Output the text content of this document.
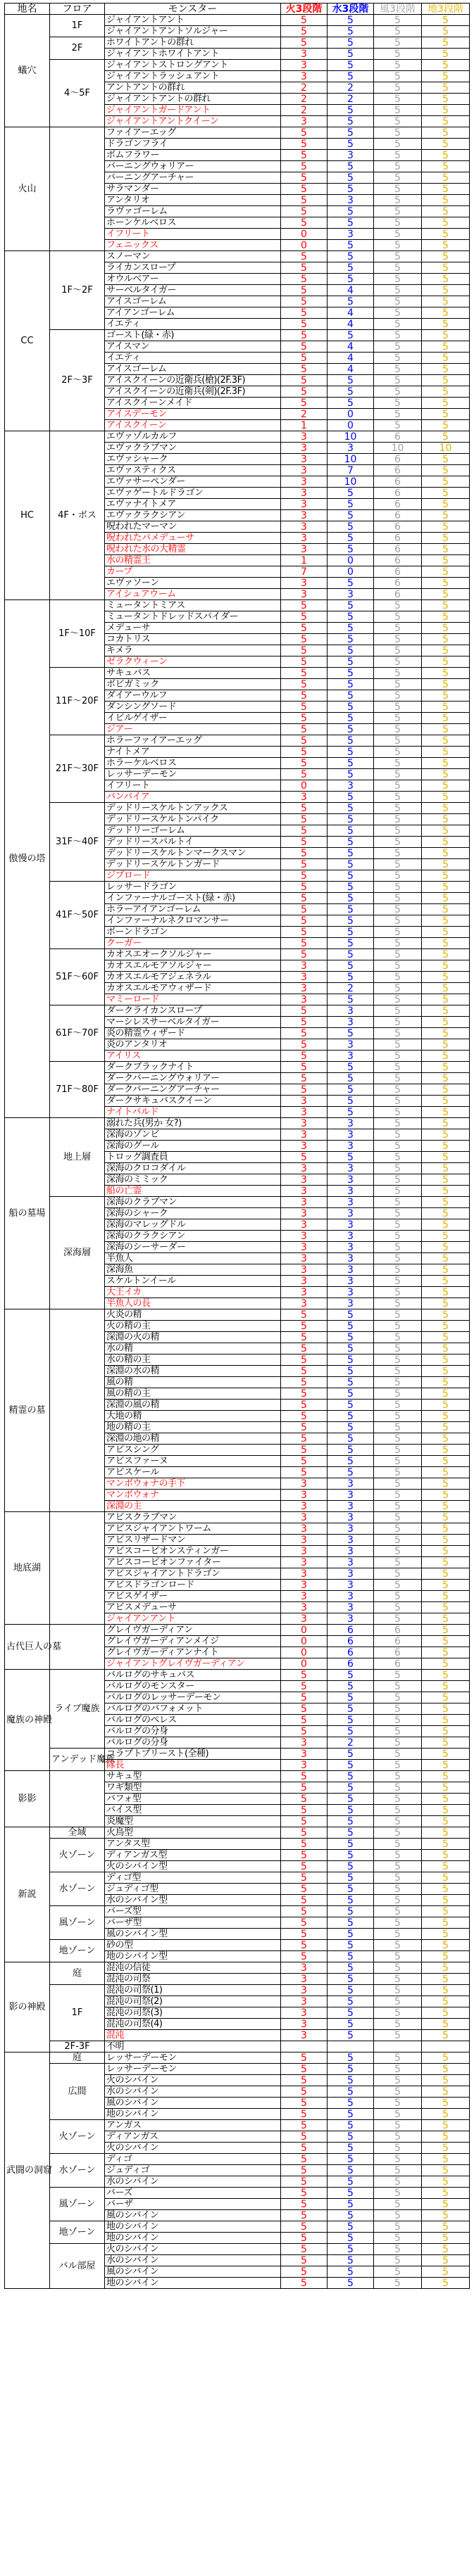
地名	フロア	モンスター	火3段階	水3段階	風3段階	地3段階
蟻穴	1F	ジャイアントアント	5	5	5	5
		ジャイアントアントソルジャー	5	5	5	5
	2F	ホワイトアントの群れ	5	5	5	5
		ジャイアントホワイトアント	3	5	5	5
	4〜5F	ジャイアントストロングアント	3	5	5	5
		ジャイアントラッシュアント	3	5	5	5
		アントアントの群れ	2	2	5	5
		ジャイアントアントの群れ	2	2	5	5
		ジャイアントガードアント	2	5	5	5
		ジャイアントアントクイーン	3	5	5	5
火山		ファイアーエッグ	5	5	5	5
		ドラゴンフライ	5	5	5	5
		ボムフラワー	5	3	5	5
		バーニングウォリアー	5	5	5	5
		バーニングアーチャー	5	5	5	5
		サラマンダー	5	5	5	5
		アンタリオ	5	3	5	5
		ラヴァゴーレム	5	5	5	5
		ホーンケルベロス	5	5	5	5
		イフリート	0	3	5	5
		フェニックス	0	5	5	5
CC	1F〜2F	スノーマン	5	5	5	5
		ライカンスロープ	5	5	5	5
		オウルベアー	5	5	5	5
		サーベルタイガー	5	4	5	5
		アイスゴーレム	5	5	5	5
		アイアンゴーレム	5	4	5	5
		イエティ	5	4	5	5
	2F〜3F	ゴースト(緑・赤)	5	5	5	5
		アイスマン	5	4	5	5
		イエティ	5	4	5	5
		アイスゴーレム	5	4	5	5
		アイスクイーンの近衛兵(槍)(2F.3F)	5	5	5	5
		アイスクイーンの近衛兵(剣)(2F.3F)	5	5	5	5
		アイスクイーンメイド	5	5	5	5
		アイスデーモン	2	0	5	5
		アイスクイーン	1	0	5	5
HC	4F・ボス	エヴァゾルカルフ	3	10	6	5
		エヴァクラブマン	3	3	10	10
		エヴァシャーク	3	10	6	5
		エヴァスティクス	3	7	6	5
		エヴァサーペンダー	3	10	6	5
		エヴァゲートルドラゴン	3	5	6	5
		エヴァナイトメア	3	5	6	5
		エヴァクラクシアン	3	5	6	5
		呪われたマーマン	3	5	6	5
		呪われたパメデューサ	3	5	6	5
		呪われた水の大精霊	3	5	6	5
		水の精霊王	1	0	6	5
		カープ	7	0	6	5
		エヴァソーン	3	5	6	5
		アイシュアウーム	3	3	6	5
傲慢の塔	1F〜10F	ミュータントミアス	5	5	5	5
		ミュータントドレッドスパイダー	5	5	5	5
		メデューサ	5	5	5	5
		コカトリス	5	5	5	5
		キメラ	5	5	5	5
		ゼラクウィーン	5	5	5	5
	11F〜20F	サキュバス	5	5	5	5
		ボビガミック	5	5	5	5
		ダイアーウルフ	5	5	5	5
		ダンシングソード	5	5	5	5
		イビルゲイザー	5	5	5	5
		ジアー	5	5	5	5
	21F〜30F	ホラーファイアーエッグ	5	5	5	5
		ナイトメア	5	5	5	5
		ホラーケルベロス	5	5	5	5
		レッサーデーモン	5	5	5	5
		イフリート	0	3	5	5
		バンパイア	3	5	5	5
	31F〜40F	デッドリースケルトンアックス	5	5	5	5
		デッドリースケルトンパイク	5	5	5	5
		デッドリーゴーレム	5	5	5	5
		デッドリースパルトイ	5	5	5	5
		デッドリースケルトンマークスマン	5	5	5	5
		デッドリースケルトンガード	5	5	5	5
		ジブロード	5	5	5	5
	41F〜50F	レッサードラゴン	5	5	5	5
		インファーナルゴースト(緑・赤)	5	5	5	5
		ホラーアイアンゴーレム	5	5	5	5
		インファーナルネクロマンサー	5	5	5	5
		ボーンドラゴン	5	5	5	5
		クーガー	5	5	5	5
	51F〜60F	カオスエオークソルジャー	5	5	5	5
		カオスエルモアソルジャー	3	5	5	5
		カオスエルモアジェネラル	3	5	5	5
		カオスエルモアウィザード	3	2	5	5
		マミーロード	3	5	5	5
	61F〜70F	ダークライカンスロープ	5	3	5	5
		マーシレスサーベルタイガー	5	3	5	5
		炎の精霊ウィザード	5	5	5	5
		炎のアンタリオ	5	3	5	5
		アイリス	5	3	5	5
	71F〜80F	ダークブラックナイト	5	5	5	5
		ダークバーニングウォリアー	5	5	5	5
		ダークバーニングアーチャー	5	5	5	5
		ダークサキュバスクイーン	3	5	5	5
		ナイトバルド	3	5	5	5
船の墓場	地上層	溺れた兵(男か 女?)	3	3	5	5
		深海のゾンビ	3	3	5	5
		深海のグール	3	3	5	5
		トロッグ調査員	5	5	5	5
		深海のクロコダイル	3	3	5	5
		深海のミミック	3	3	5	5
		船の亡霊	3	3	5	5
	深海層	深海のクラブマン	3	3	5	5
		深海のシャーク	3	3	5	5
		深海のマレッグドル	3	3	5	5
		深海のクラクシアン	3	3	5	5
		深海のシーサーダー	3	3	5	5
		半魚人	3	3	5	5
		深海魚	3	3	5	5
		スケルトンイール	3	3	5	5
		大王イカ	3	3	5	5
		半魚人の長	3	3	5	5
精霊の墓		火炎の精	5	5	5	5
		火の精の主	5	5	5	5
		深淵の火の精	5	5	5	5
		水の精	5	5	5	5
		水の精の主	5	5	5	5
		深淵の水の精	5	5	5	5
		風の精	5	5	5	5
		風の精の主	5	5	5	5
		深淵の風の精	5	5	5	5
		大地の精	5	5	5	5
		地の精の主	5	5	5	5
		深淵の地の精	5	5	5	5
		アビスシング	5	5	5	5
		アビスファーヌ	5	5	5	5
		アビスケール	5	5	5	5
		マンボウォナの手下	3	3	5	5
		マンボウォナ	3	3	5	5
		深淵の主	3	3	5	5
地底湖		アビスクラブマン	3	3	5	5
		アビスジャイアントワーム	3	3	5	5
		アビスリザードマン	3	3	5	5
		アビスコーピオンスティンガー	3	3	5	5
		アビスコーピオンファイター	3	3	5	5
		アビスジャイアントドラゴン	3	3	5	5
		アビスドラゴンロード	3	3	5	5
		アビスゲイザー	3	3	5	5
		アビスメデューサ	3	3	5	5
		ジャイアンアント	3	3	5	5
古代巨人の墓		グレイヴガーディアン	0	6	6	5
		グレイヴガーディアンメイジ	0	6	6	5
		グレイヴガーディアンナイト	0	6	6	5
		ジャイアントグレイヴガーディアン	0	6	6	5
魔族の神殿	ライブ魔族	バルログのサキュバス	5	5	5	5
		バルログのモンスター	5	5	5	5
		バルログのレッサーデーモン	5	5	5	5
		バルログのバフォメット	5	5	5	5
		バルログのペレス	5	5	5	5
		バルログの分身	5	5	5	5
		バルログの分身	3	2	5	5
	アンデッド魔族	コラプトプリースト(全種)	3	5	5	5
		隊長	3	5	5	5
影影		サキュ型	5	5	5	5
		ワギ類型	5	5	5	5
		バフォ型	5	5	5	5
		バイス型	5	5	5	5
		炎魔型	5	5	5	5
新説	全域	火鳥型	5	5	5	5
	火ゾーン	アンタス型	5	5	5	5
		ディアンガス型	5	5	5	5
		火のシバイン型	5	5	5	5
	水ゾーン	ディゴ型	5	5	5	5
		ジュディゴ型	5	5	5	5
		水のシバイン型	5	5	5	5
	風ゾーン	バーズ型	5	5	5	5
		バーザ型	5	5	5	5
		風のシバイン型	5	5	5	5
	地ゾーン	砂の型	5	5	5	5
		地のシバイン型	5	5	5	5
影の神殿	庭	混沌の信徒	3	5	5	5
		混沌の司祭	3	5	5	5
	1F	混沌の司祭(1)	3	5	5	5
		混沌の司祭(2)	3	5	5	5
		混沌の司祭(3)	3	5	5	5
		混沌の司祭(4)	3	5	5	5
		混沌	3	5	5	5
	2F-3F	不明				
武闘の洞窟	庭	レッサーデーモン	5	5	5	5
	広間	レッサーデーモン	5	5	5	5
		火のシバイン	5	5	5	5
		水のシバイン	5	5	5	5
		風のシバイン	5	5	5	5
		地のシバイン	5	5	5	5
	火ゾーン	アンガス	5	5	5	5
		ディアンガス	5	5	5	5
		火のシバイン	5	5	5	5
	水ゾーン	ディゴ	5	5	5	5
		ジュディゴ	5	5	5	5
		水のシバイン	5	5	5	5
	風ゾーン	バーズ	5	5	5	5
		バーザ	5	5	5	5
		風のシバイン	5	5	5	5
	地ゾーン	地のシバイン	5	5	5	5
		地のシバイン	5	5	5	5
	バル部屋	火のシバイン	5	5	5	5
		水のシバイン	5	5	5	5
		風のシバイン	5	5	5	5
		地のシバイン	5	5	5	5
